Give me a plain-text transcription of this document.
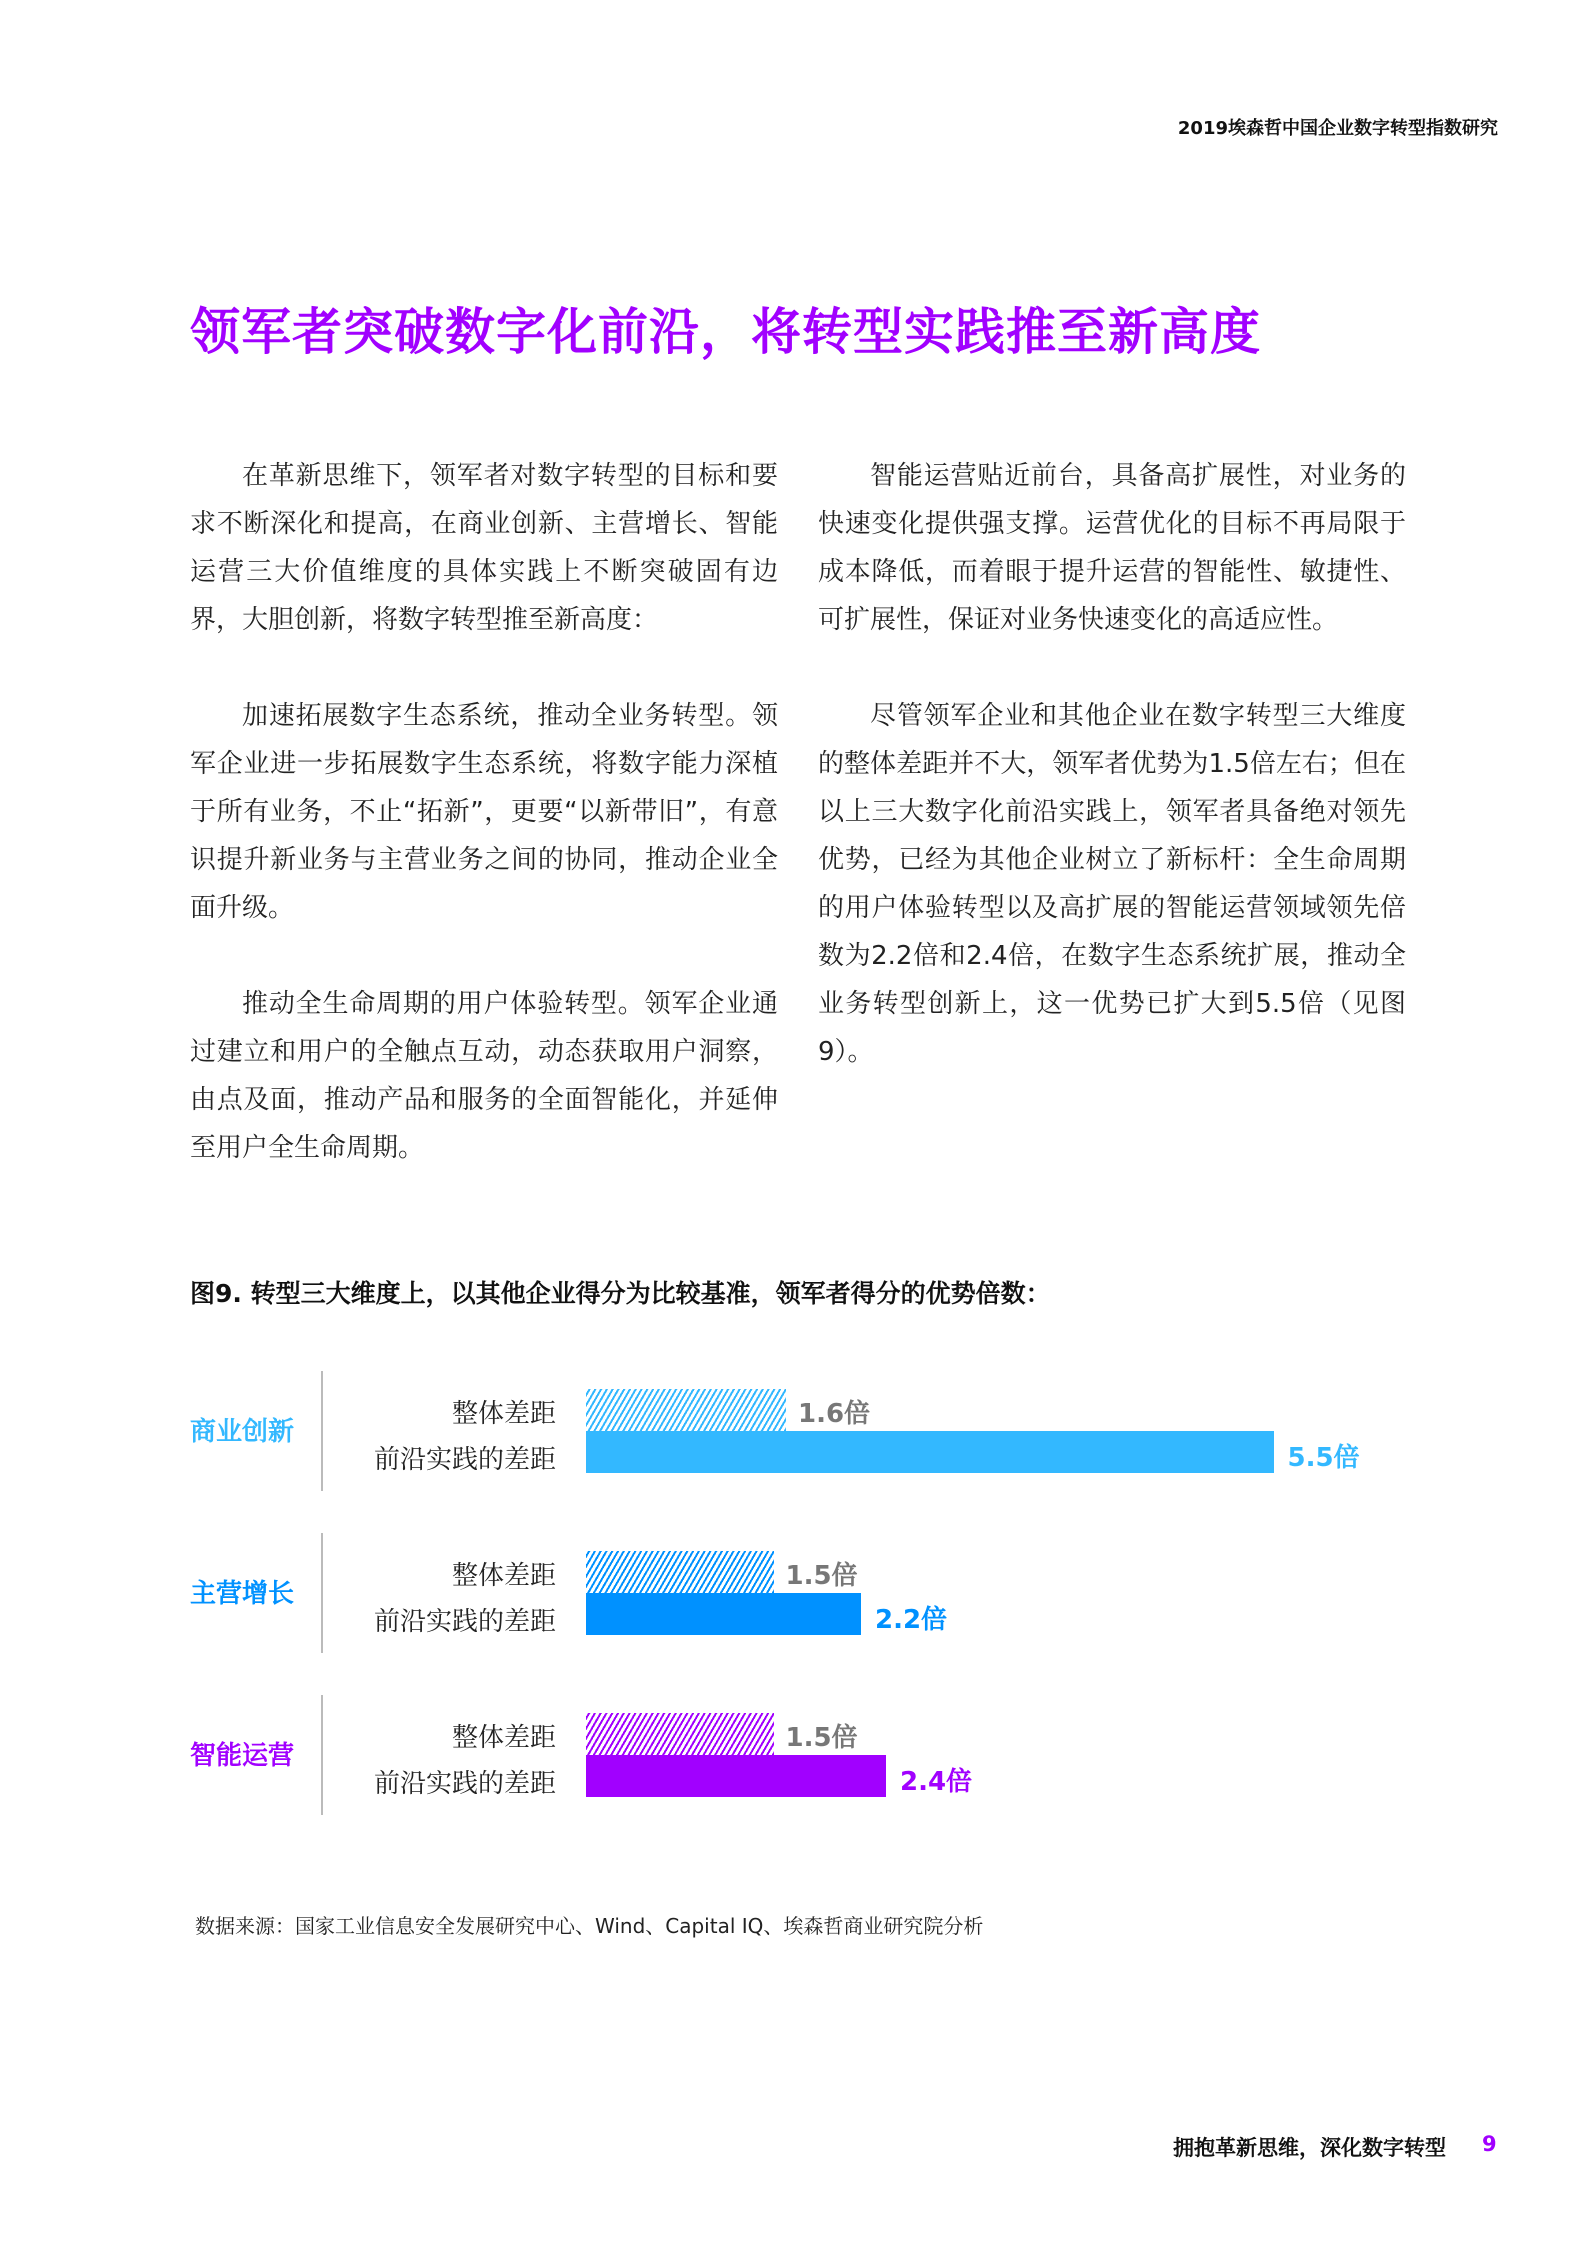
2019埃森哲中国企业数字转型指数研究
领军者突破数字化前沿，将转型实践推至新高度

在革新思维下，领军者对数字转型的目标和要求不断深化和提高，在商业创新、主营增长、智能运营三大价值维度的具体实践上不断突破固有边界，大胆创新，将数字转型推至新高度：

加速拓展数字生态系统，推动全业务转型。领军企业进一步拓展数字生态系统，将数字能力深植于所有业务，不止“拓新”，更要“以新带旧”，有意识提升新业务与主营业务之间的协同，推动企业全面升级。

推动全生命周期的用户体验转型。领军企业通过建立和用户的全触点互动，动态获取用户洞察，由点及面，推动产品和服务的全面智能化，并延伸至用户全生命周期。

智能运营贴近前台，具备高扩展性，对业务的快速变化提供强支撑。运营优化的目标不再局限于成本降低，而着眼于提升运营的智能性、敏捷性、可扩展性，保证对业务快速变化的高适应性。

尽管领军企业和其他企业在数字转型三大维度的整体差距并不大，领军者优势为1.5倍左右；但在以上三大数字化前沿实践上，领军者具备绝对领先优势，已经为其他企业树立了新标杆：全生命周期的用户体验转型以及高扩展的智能运营领域领先倍数为2.2倍和2.4倍，在数字生态系统扩展，推动全业务转型创新上，这一优势已扩大到5.5倍（见图9）。

图9. 转型三大维度上，以其他企业得分为比较基准，领军者得分的优势倍数：
商业创新
整体差距
前沿实践的差距
1.6倍
5.5倍
主营增长
整体差距
前沿实践的差距
1.5倍
2.2倍
智能运营
整体差距
前沿实践的差距
1.5倍
2.4倍
数据来源：国家工业信息安全发展研究中心、Wind、Capital IQ、埃森哲商业研究院分析
拥抱革新思维，深化数字转型 9
